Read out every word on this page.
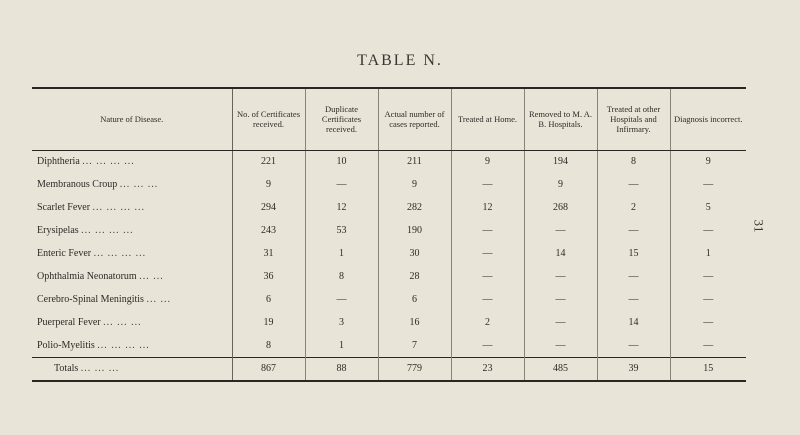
TABLE N.
31
Nature of Disease.	No. of Certificates received.	Duplicate Certificates received.	Actual number of cases reported.	Treated at Home.	Removed to M. A. B. Hospitals.	Treated at other Hospitals and Infirmary.	Diagnosis incorrect.
Diphtheria ... ... ... ...	221	10	211	9	194	8	9
Membranous Croup ... ... ...	9	—	9	—	9	—	—
Scarlet Fever ... ... ... ...	294	12	282	12	268	2	5
Erysipelas ... ... ... ...	243	53	190	—	—	—	—
Enteric Fever ... ... ... ...	31	1	30	—	14	15	1
Ophthalmia Neonatorum ... ...	36	8	28	—	—	—	—
Cerebro-Spinal Meningitis ... ...	6	—	6	—	—	—	—
Puerperal Fever ... ... ...	19	3	16	2	—	14	—
Polio-Myelitis ... ... ... ...	8	1	7	—	—	—	—
Totals ... ... ...	867	88	779	23	485	39	15
